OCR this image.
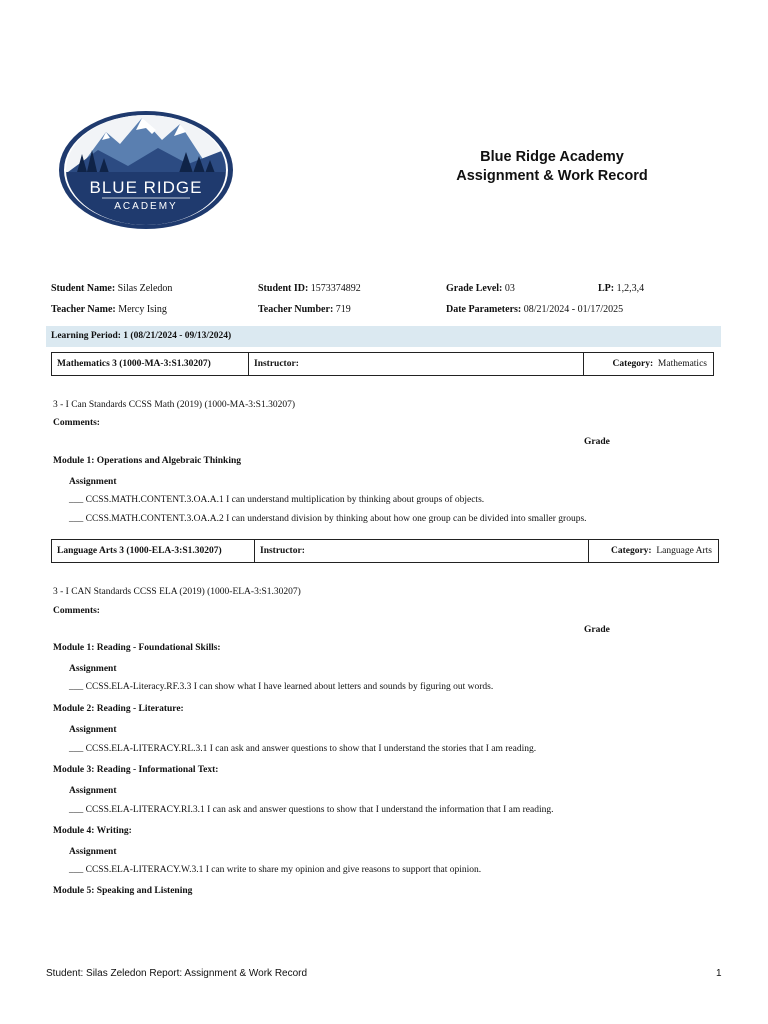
BLUE RIDGE
ACADEMY
Blue Ridge Academy
Assignment & Work Record
Student Name: Silas Zeledon	Student ID: 1573374892	Grade Level: 03	LP: 1,2,3,4
Teacher Name: Mercy Ising	Teacher Number: 719	Date Parameters: 08/21/2024 - 01/17/2025
Learning Period: 1 (08/21/2024 - 09/13/2024)
Mathematics 3 (1000-MA-3:S1.30207)	Instructor:	Category: Mathematics
3 - I Can Standards CCSS Math (2019) (1000-MA-3:S1.30207)
Comments:
Grade
Module 1: Operations and Algebraic Thinking
Assignment
___ CCSS.MATH.CONTENT.3.OA.A.1 I can understand multiplication by thinking about groups of objects.
___ CCSS.MATH.CONTENT.3.OA.A.2 I can understand division by thinking about how one group can be divided into smaller groups.
Language Arts 3 (1000-ELA-3:S1.30207)	Instructor:	Category: Language Arts
3 - I CAN Standards CCSS ELA (2019) (1000-ELA-3:S1.30207)
Comments:
Grade
Module 1: Reading - Foundational Skills:
Assignment
___ CCSS.ELA-Literacy.RF.3.3 I can show what I have learned about letters and sounds by figuring out words.
Module 2: Reading - Literature:
Assignment
___ CCSS.ELA-LITERACY.RL.3.1 I can ask and answer questions to show that I understand the stories that I am reading.
Module 3: Reading - Informational Text:
Assignment
___ CCSS.ELA-LITERACY.RI.3.1 I can ask and answer questions to show that I understand the information that I am reading.
Module 4: Writing:
Assignment
___ CCSS.ELA-LITERACY.W.3.1 I can write to share my opinion and give reasons to support that opinion.
Module 5: Speaking and Listening
Student: Silas Zeledon Report: Assignment & Work Record	1
